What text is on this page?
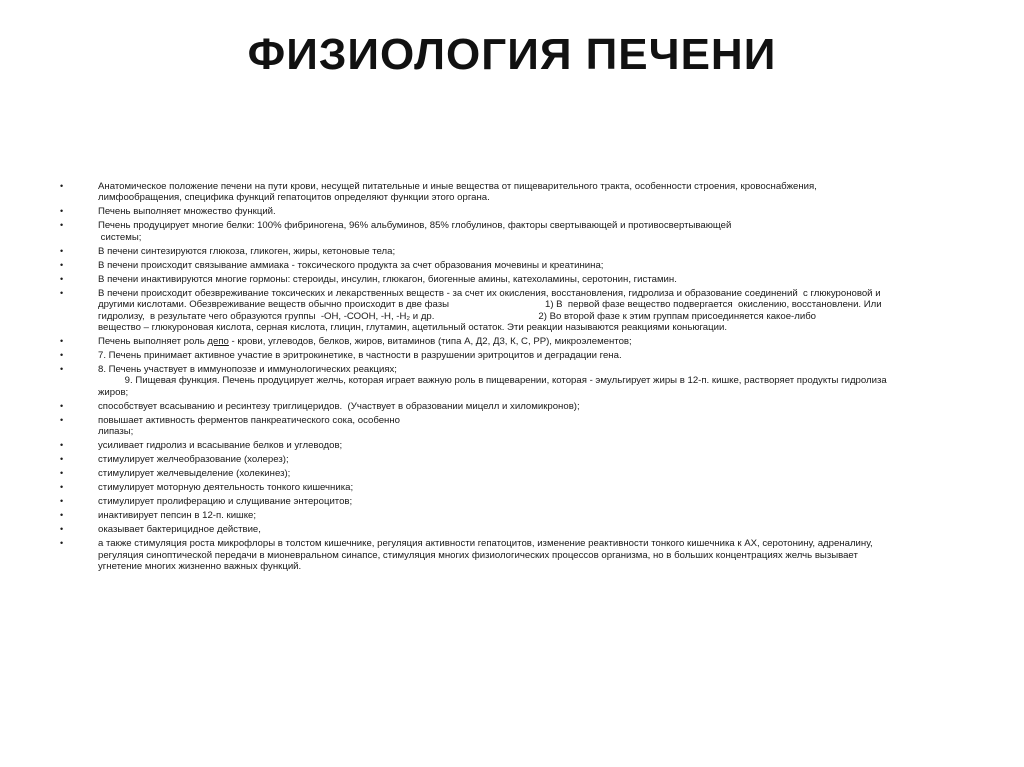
ФИЗИОЛОГИЯ ПЕЧЕНИ
•	Анатомическое положение печени на пути крови, несущей питательные и иные вещества от пищеварительного тракта, особенности строения, кровоснабжения,
лимфообращения, специфика функций гепатоцитов определяют функции этого органа.
•	Печень выполняет множество функций.
•	Печень продуцирует многие белки: 100% фибриногена, 96% альбуминов, 85% глобулинов, факторы свертывающей и противосвертывающей
системы;
•	В печени синтезируются глюкоза, гликоген, жиры, кетоновые тела;
•	В печени происходит связывание аммиака - токсического продукта за счет образования мочевины и креатинина;
•	В печени инактивируются многие гормоны: стероиды, инсулин, глюкагон, биогенные амины, катехоламины, серотонин, гистамин.
•	В печени происходит обезвреживание токсических и лекарственных веществ - за счет их окисления, восстановления, гидролиза и образование соединений  с глюкуроновой и
другими кислотами. Обезвреживание веществ обычно происходит в две фазы                                    1) В  первой фазе вещество подвергается  окислению, восстановлени. Или
гидролизу,  в результате чего образуются группы  -ОН, -СООН, -Н, -Н₂ и др.                                       2) Во второй фазе к этим группам присоединяется какое-либо
вещество – глюкуроновая кислота, серная кислота, глицин, глутамин, ацетильный остаток. Эти реакции называются реакциями коньюгации.
•	Печень выполняет роль депо - крови, углеводов, белков, жиров, витаминов (типа А, Д2, Д3, К, С, РР), микроэлементов;
•	7. Печень принимает активное участие в эритрокинетике, в частности в разрушении эритроцитов и деградации гена.
•	8. Печень участвует в иммунопоэзе и иммунологических реакциях;
9. Пищевая функция. Печень продуцирует желчь, которая играет важную роль в пищеварении, которая - эмульгирует жиры в 12-п. кишке, растворяет продукты гидролиза
жиров;
•	способствует всасыванию и ресинтезу триглицеридов.  (Участвует в образовании мицелл и хиломикронов);
•	повышает активность ферментов панкреатического сока, особенно
липазы;
•	усиливает гидролиз и всасывание белков и углеводов;
•	стимулирует желчеобразование (холерез);
•	стимулирует желчевыделение (холекинез);
•	стимулирует моторную деятельность тонкого кишечника;
•	стимулирует пролиферацию и слущивание энтероцитов;
•	инактивирует пепсин в 12-п. кишке;
•	оказывает бактерицидное действие,
•	а также стимуляция роста микрофлоры в толстом кишечнике, регуляция активности гепатоцитов, изменение реактивности тонкого кишечника к АХ, серотонину, адреналину,
регуляция синоптической передачи в мионевральном синапсе, стимуляция многих физиологических процессов организма, но в больших концентрациях желчь вызывает
угнетение многих жизненно важных функций.
